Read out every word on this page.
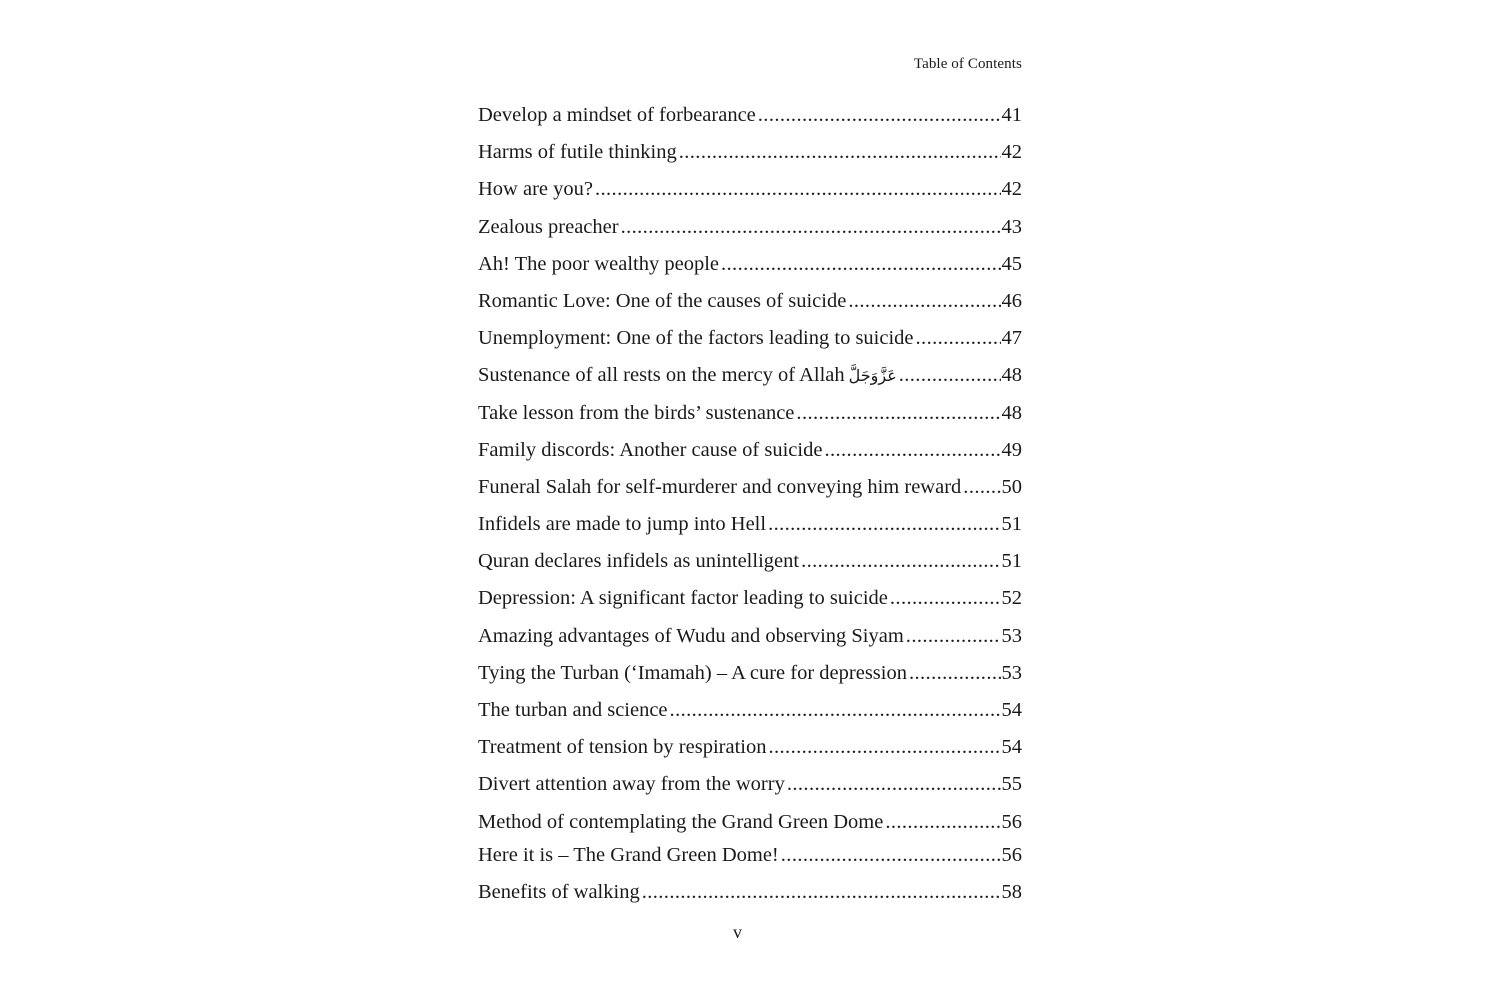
Table of Contents
Develop a mindset of forbearance .....	41
Harms of futile thinking .....	42
How are you? .....	42
Zealous preacher .....	43
Ah! The poor wealthy people .....	45
Romantic Love: One of the causes of suicide .....	46
Unemployment: One of the factors leading to suicide .....	47
Sustenance of all rests on the mercy of Allah عَزَّوَجَلَّ .....	48
Take lesson from the birds’ sustenance .....	48
Family discords: Another cause of suicide .....	49
Funeral Salah for self-murderer and conveying him reward ..... 50
Infidels are made to jump into Hell .....	51
Quran declares infidels as unintelligent .....	51
Depression: A significant factor leading to suicide .....	52
Amazing advantages of Wudu and observing Siyam .....	53
Tying the Turban (‘Imamah) – A cure for depression .....	53
The turban and science .....	54
Treatment of tension by respiration .....	54
Divert attention away from the worry .....	55
Method of contemplating the Grand Green Dome .....	56
Here it is – The Grand Green Dome! .....	56
Benefits of walking .....	58
v
